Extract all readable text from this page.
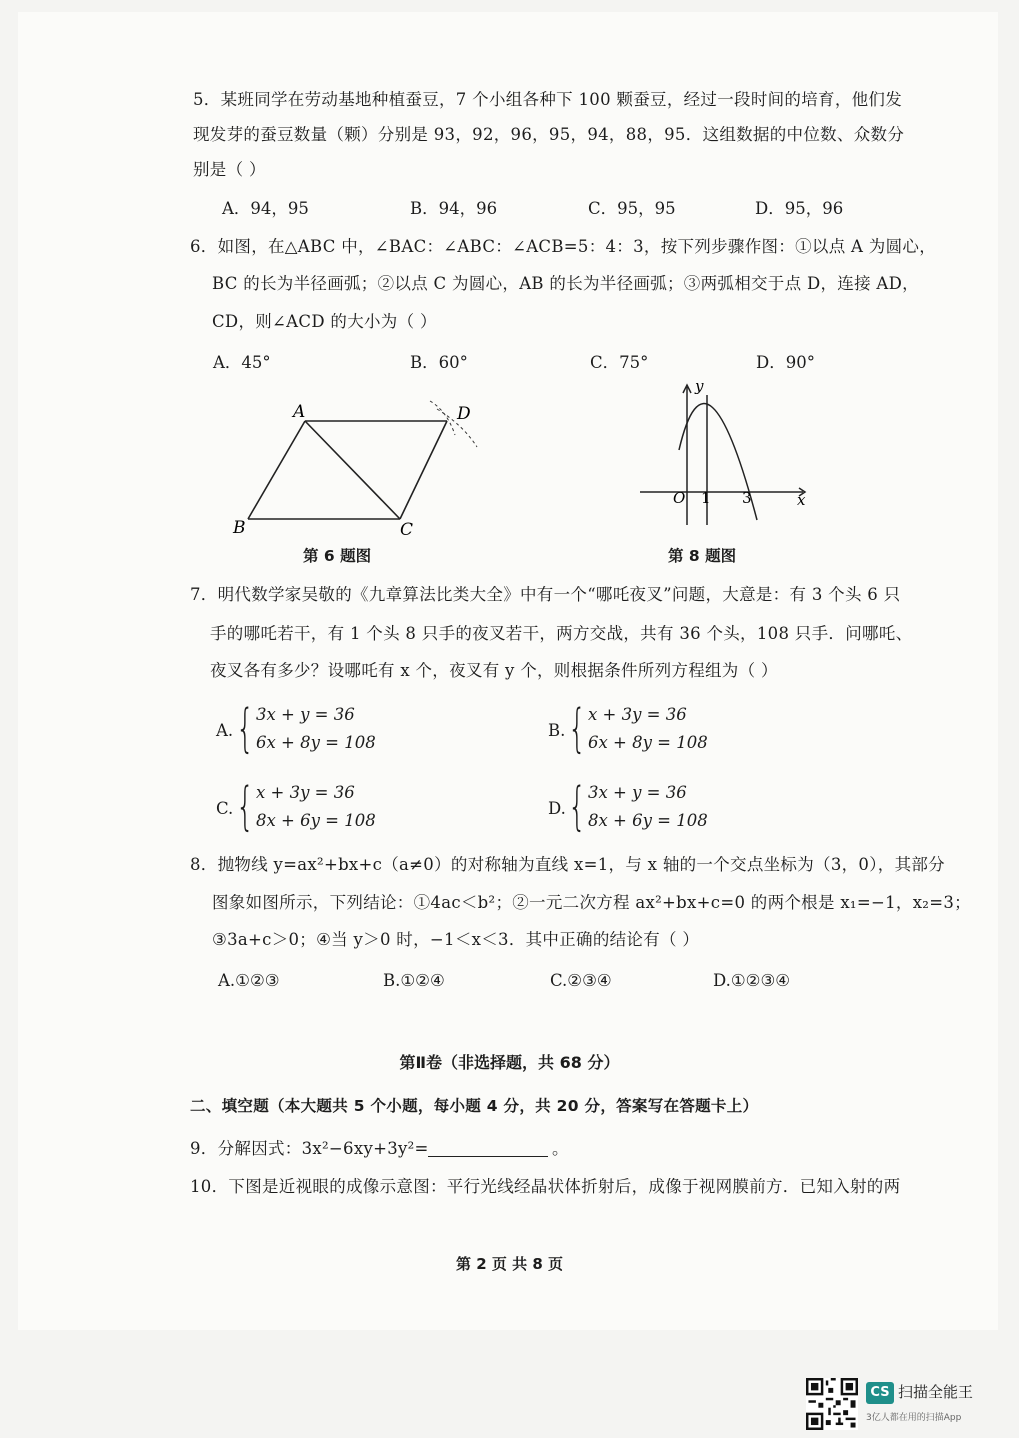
5．某班同学在劳动基地种植蚕豆，7 个小组各种下 100 颗蚕豆，经过一段时间的培育，他们发
现发芽的蚕豆数量（颗）分别是 93，92，96，95，94，88，95．这组数据的中位数、众数分
别是（ ）
A．94，95	B．94，96	C．95，95	D．95，96
6．如图，在△ABC 中，∠BAC：∠ABC：∠ACB=5：4：3，按下列步骤作图：①以点 A 为圆心，
BC 的长为半径画弧；②以点 C 为圆心，AB 的长为半径画弧；③两弧相交于点 D，连接 AD，
CD，则∠ACD 的大小为（ ）
A．45°	B．60°	C．75°	D．90°
A	D
B	C
第 6 题图
y
O 1 3	x
第 8 题图
7．明代数学家吴敬的《九章算法比类大全》中有一个“哪吒夜叉”问题，大意是：有 3 个头 6 只
手的哪吒若干，有 1 个头 8 只手的夜叉若干，两方交战，共有 36 个头，108 只手．问哪吒、
夜叉各有多少？设哪吒有 x 个，夜叉有 y 个，则根据条件所列方程组为（ ）
A. { 3x + y = 36
6x + 8y = 108
B. { x + 3y = 36
6x + 8y = 108
C. { x + 3y = 36
8x + 6y = 108
D. { 3x + y = 36
8x + 6y = 108
8．抛物线 y=ax²+bx+c（a≠0）的对称轴为直线 x=1，与 x 轴的一个交点坐标为（3，0），其部分
图象如图所示，下列结论：①4ac＜b²；②一元二次方程 ax²+bx+c=0 的两个根是 x₁=−1，x₂=3；
③3a+c＞0；④当 y＞0 时，−1＜x＜3．其中正确的结论有（ ）
A.①②③	B.①②④	C.②③④	D.①②③④
第Ⅱ卷（非选择题，共 68 分）
二、填空题（本大题共 5 个小题，每小题 4 分，共 20 分，答案写在答题卡上）
9．分解因式：3x²−6xy+3y²=	。
10．下图是近视眼的成像示意图：平行光线经晶状体折射后，成像于视网膜前方．已知入射的两
第 2 页 共 8 页
CS 扫描全能王
3亿人都在用的扫描App
